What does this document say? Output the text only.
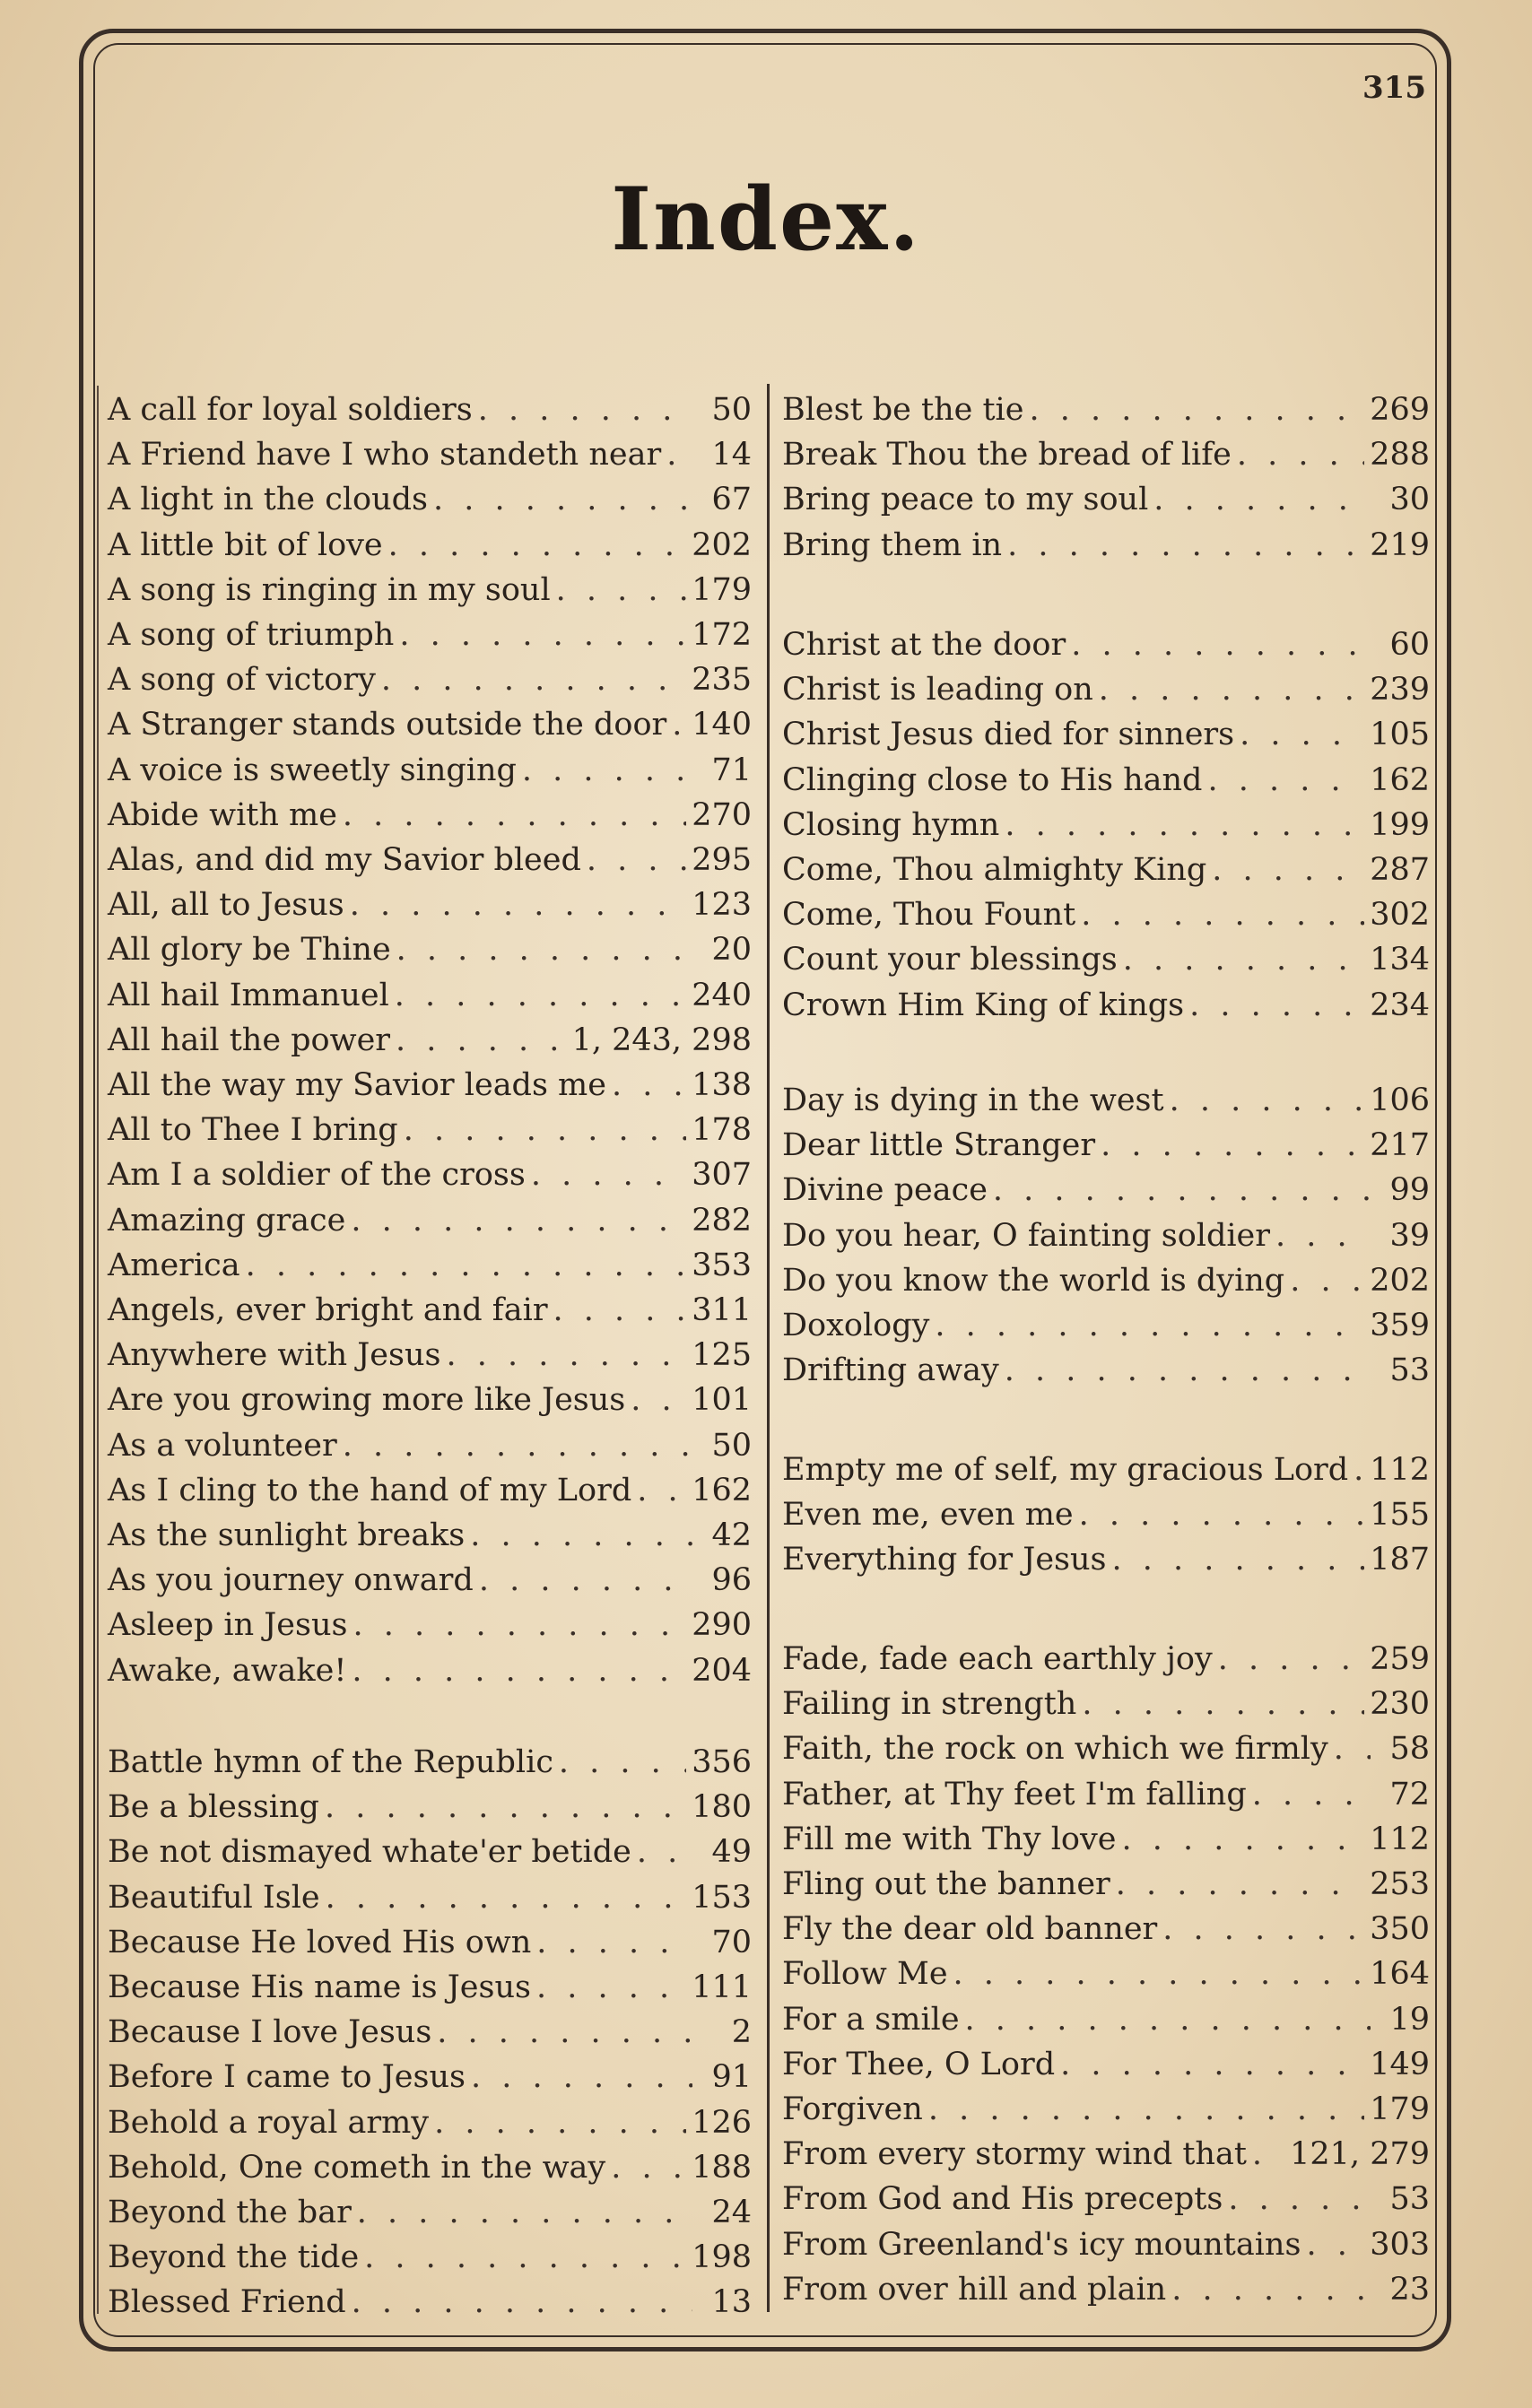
315
Index.
A call for loyal soldiers . . .	50
A Friend have I who standeth near . . .	14
A light in the clouds . . .	67
A little bit of love . . .	202
A song is ringing in my soul . . .	179
A song of triumph . . .	172
A song of victory . . .	235
A Stranger stands outside the door . . . 140
A voice is sweetly singing . . .	71
Abide with me . . .	270
Alas, and did my Savior bleed . . .	295
All, all to Jesus . . .	123
All glory be Thine . . .	20
All hail Immanuel . . .	240
All hail the power . . .	1, 243, 298
All the way my Savior leads me . . .	138
All to Thee I bring . . .	178
Am I a soldier of the cross . . .	307
Amazing grace . . .	282
America . . .	353
Angels, ever bright and fair . . .	311
Anywhere with Jesus . . .	125
Are you growing more like Jesus . . . 101
As a volunteer . . .	50
As I cling to the hand of my Lord . . . 162
As the sunlight breaks . . .	42
As you journey onward . . .	96
Asleep in Jesus . . .	290
Awake, awake! . . .	204
Battle hymn of the Republic . . .	356
Be a blessing . . .	180
Be not dismayed whate'er betide . . .	49
Beautiful Isle . . .	153
Because He loved His own . . .	70
Because His name is Jesus . . .	111
Because I love Jesus . . .	2
Before I came to Jesus . . .	91
Behold a royal army . . .	126
Behold, One cometh in the way . . .	188
Beyond the bar . . .	24
Beyond the tide . . .	198
Blessed Friend . . .	13
Blest be the tie . . .	269
Break Thou the bread of life . . .	288
Bring peace to my soul . . .	30
Bring them in . . .	219
Christ at the door . . .	60
Christ is leading on . . .	239
Christ Jesus died for sinners . . .	105
Clinging close to His hand . . .	162
Closing hymn . . .	199
Come, Thou almighty King . . .	287
Come, Thou Fount . . .	302
Count your blessings . . .	134
Crown Him King of kings . . .	234
Day is dying in the west . . .	106
Dear little Stranger . . .	217
Divine peace . . .	99
Do you hear, O fainting soldier . . .	39
Do you know the world is dying . . .	202
Doxology . . .	359
Drifting away . . .	53
Empty me of self, my gracious Lord . . . 112
Even me, even me . . .	155
Everything for Jesus . . .	187
Fade, fade each earthly joy . . .	259
Failing in strength . . .	230
Faith, the rock on which we firmly . . .	58
Father, at Thy feet I'm falling . . .	72
Fill me with Thy love . . .	112
Fling out the banner . . .	253
Fly the dear old banner . . .	350
Follow Me . . .	164
For a smile . . .	19
For Thee, O Lord . . .	149
Forgiven . . .	179
From every stormy wind that . . . 121, 279
From God and His precepts . . .	53
From Greenland's icy mountains . . . 303
From over hill and plain . . .	23
